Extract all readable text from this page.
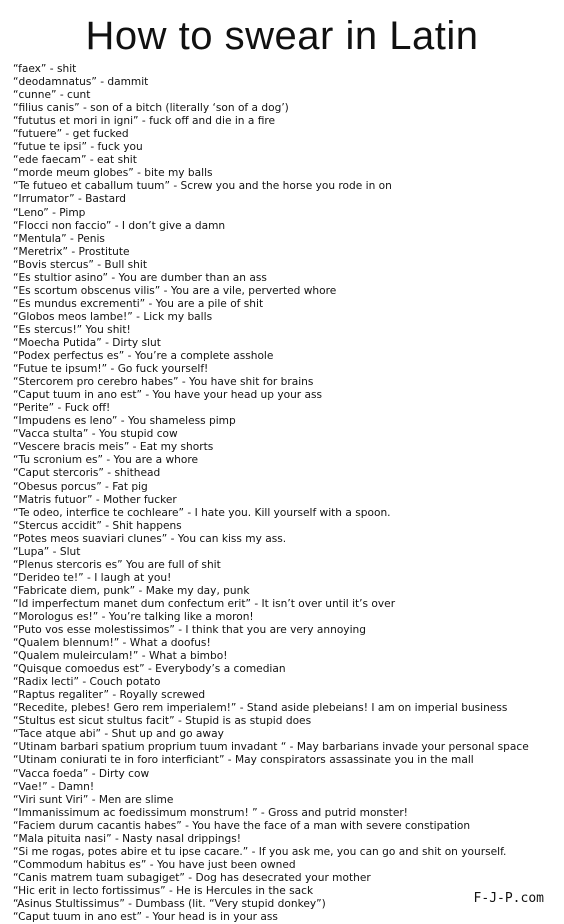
How to swear in Latin
“faex” - shit
“deodamnatus” - dammit
“cunne” - cunt
“filius canis” - son of a bitch (literally ‘son of a dog’)
“fututus et mori in igni” - fuck off and die in a fire
“futuere” - get fucked
“futue te ipsi” - fuck you
“ede faecam” - eat shit
“morde meum globes” - bite my balls
“Te futueo et caballum tuum” - Screw you and the horse you rode in on
“Irrumator” - Bastard
“Leno” - Pimp
“Flocci non faccio” - I don’t give a damn
“Mentula” - Penis
“Meretrix” - Prostitute
“Bovis stercus” - Bull shit
“Es stultior asino” - You are dumber than an ass
“Es scortum obscenus vilis” - You are a vile, perverted whore
“Es mundus excrementi” - You are a pile of shit
“Globos meos lambe!” - Lick my balls
“Es stercus!” You shit!
“Moecha Putida” - Dirty slut
“Podex perfectus es” - You’re a complete asshole
“Futue te ipsum!” - Go fuck yourself!
“Stercorem pro cerebro habes” - You have shit for brains
“Caput tuum in ano est” - You have your head up your ass
“Perite” - Fuck off!
“Impudens es leno” - You shameless pimp
“Vacca stulta” - You stupid cow
“Vescere bracis meis” - Eat my shorts
“Tu scronium es” - You are a whore
“Caput stercoris” - shithead
“Obesus porcus” - Fat pig
“Matris futuor” - Mother fucker
“Te odeo, interfice te cochleare” - I hate you. Kill yourself with a spoon.
“Stercus accidit” - Shit happens
“Potes meos suaviari clunes” - You can kiss my ass.
“Lupa” - Slut
“Plenus stercoris es” You are full of shit
“Derideo te!” - I laugh at you!
“Fabricate diem, punk” - Make my day, punk
“Id imperfectum manet dum confectum erit” - It isn’t over until it’s over
“Morologus es!” - You’re talking like a moron!
“Puto vos esse molestissimos” - I think that you are very annoying
“Qualem blennum!” - What a doofus!
“Qualem muleirculam!” - What a bimbo!
“Quisque comoedus est” - Everybody’s a comedian
“Radix lecti” - Couch potato
“Raptus regaliter” - Royally screwed
“Recedite, plebes! Gero rem imperialem!” - Stand aside plebeians! I am on imperial business
“Stultus est sicut stultus facit” - Stupid is as stupid does
“Tace atque abi” - Shut up and go away
“Utinam barbari spatium proprium tuum invadant “ - May barbarians invade your personal space
“Utinam coniurati te in foro interficiant” - May conspirators assassinate you in the mall
“Vacca foeda” - Dirty cow
“Vae!” - Damn!
“Viri sunt Viri” - Men are slime
“Immanissimum ac foedissimum monstrum! ” - Gross and putrid monster!
“Faciem durum cacantis habes” - You have the face of a man with severe constipation
“Mala pituita nasi” - Nasty nasal drippings!
“Si me rogas, potes abire et tu ipse cacare.” - If you ask me, you can go and shit on yourself.
“Commodum habitus es” - You have just been owned
“Canis matrem tuam subagiget” - Dog has desecrated your mother
“Hic erit in lecto fortissimus” - He is Hercules in the sack
“Asinus Stultissimus” - Dumbass (lit. “Very stupid donkey”)
“Caput tuum in ano est” - Your head is in your ass
F-J-P.com
